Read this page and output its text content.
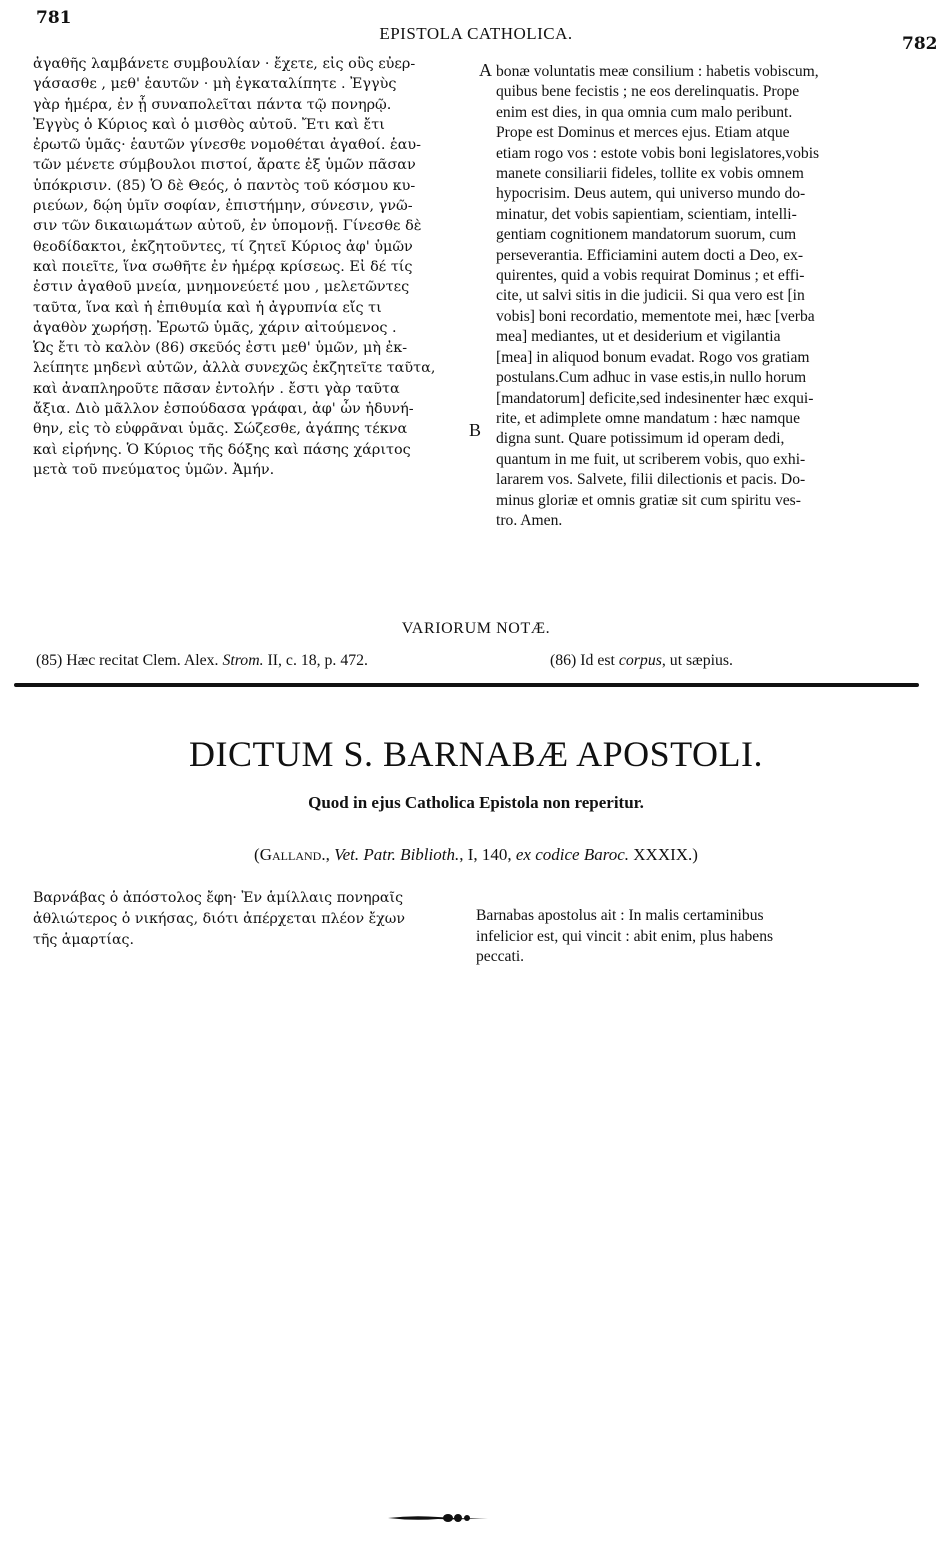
781
EPISTOLA CATHOLICA.
782
A
B
ἀγαθῆς λαμβάνετε συμβουλίαν · ἔχετε, εἰς οὓς εὐερ-
γάσασθε , μεθ' ἑαυτῶν · μὴ ἐγκαταλίπητε . Ἐγγὺς
γὰρ ἡμέρα, ἐν ᾗ συναπολεῖται πάντα τῷ πονηρῷ.
Ἐγγὺς ὁ Κύριος καὶ ὁ μισθὸς αὐτοῦ. Ἔτι καὶ ἔτι
ἐρωτῶ ὑμᾶς· ἑαυτῶν γίνεσθε νομοθέται ἀγαθοί. ἑαυ-
τῶν μένετε σύμβουλοι πιστοί, ἄρατε ἐξ ὑμῶν πᾶσαν
ὑπόκρισιν. (85) Ὁ δὲ Θεός, ὁ παντὸς τοῦ κόσμου κυ-
ριεύων, δῴη ὑμῖν σοφίαν, ἐπιστήμην, σύνεσιν, γνῶ-
σιν τῶν δικαιωμάτων αὐτοῦ, ἐν ὑπομονῇ. Γίνεσθε δὲ
θεοδίδακτοι, ἐκζητοῦντες, τί ζητεῖ Κύριος ἀφ' ὑμῶν
καὶ ποιεῖτε, ἵνα σωθῆτε ἐν ἡμέρᾳ κρίσεως. Εἰ δέ τίς
ἐστιν ἀγαθοῦ μνεία, μνημονεύετέ μου , μελετῶντες
ταῦτα, ἵνα καὶ ἡ ἐπιθυμία καὶ ἡ ἀγρυπνία εἴς τι
ἀγαθὸν χωρήσῃ. Ἐρωτῶ ὑμᾶς, χάριν αἰτούμενος .
Ὡς ἔτι τὸ καλὸν (86) σκεῦός ἐστι μεθ' ὑμῶν, μὴ ἐκ-
λείπητε μηδενὶ αὐτῶν, ἀλλὰ συνεχῶς ἐκζητεῖτε ταῦτα,
καὶ ἀναπληροῦτε πᾶσαν ἐντολήν . ἔστι γὰρ ταῦτα
ἄξια. Διὸ μᾶλλον ἐσπούδασα γράφαι, ἀφ' ὧν ἠδυνή-
θην, εἰς τὸ εὐφρᾶναι ὑμᾶς. Σώζεσθε, ἀγάπης τέκνα
καὶ εἰρήνης. Ὁ Κύριος τῆς δόξης καὶ πάσης χάριτος
μετὰ τοῦ πνεύματος ὑμῶν. Ἀμήν.
bonæ voluntatis meæ consilium : habetis vobiscum,
quibus bene fecistis ; ne eos derelinquatis. Prope
enim est dies, in qua omnia cum malo peribunt.
Prope est Dominus et merces ejus. Etiam atque
etiam rogo vos : estote vobis boni legislatores,vobis
manete consiliarii fideles, tollite ex vobis omnem
hypocrisim. Deus autem, qui universo mundo do-
minatur, det vobis sapientiam, scientiam, intelli-
gentiam cognitionem mandatorum suorum, cum
perseverantia. Efficiamini autem docti a Deo, ex-
quirentes, quid a vobis requirat Dominus ; et effi-
cite, ut salvi sitis in die judicii. Si qua vero est [in
vobis] boni recordatio, mementote mei, hæc [verba
mea] mediantes, ut et desiderium et vigilantia
[mea] in aliquod bonum evadat. Rogo vos gratiam
postulans.Cum adhuc in vase estis,in nullo horum
[mandatorum] deficite,sed indesinenter hæc exqui-
rite, et adimplete omne mandatum : hæc namque
digna sunt. Quare potissimum id operam dedi,
quantum in me fuit, ut scriberem vobis, quo exhi-
lararem vos. Salvete, filii dilectionis et pacis. Do-
minus gloriæ et omnis gratiæ sit cum spiritu ves-
tro. Amen.
VARIORUM NOTÆ.
(85) Hæc recitat Clem. Alex. Strom. II, c. 18, p. 472.	(86) Id est corpus, ut sæpius.
DICTUM S. BARNABÆ APOSTOLI.
Quod in ejus Catholica Epistola non reperitur.
(Galland., Vet. Patr. Biblioth., I, 140, ex codice Baroc. XXXIX.)
Βαρνάβας ὁ ἀπόστολος ἔφη· Ἐν ἁμίλλαις πονηραῖς
ἀθλιώτερος ὁ νικήσας, διότι ἀπέρχεται πλέον ἔχων
τῆς ἁμαρτίας.
Barnabas apostolus ait : In malis certaminibus
infelicior est, qui vincit : abit enim, plus habens
peccati.
